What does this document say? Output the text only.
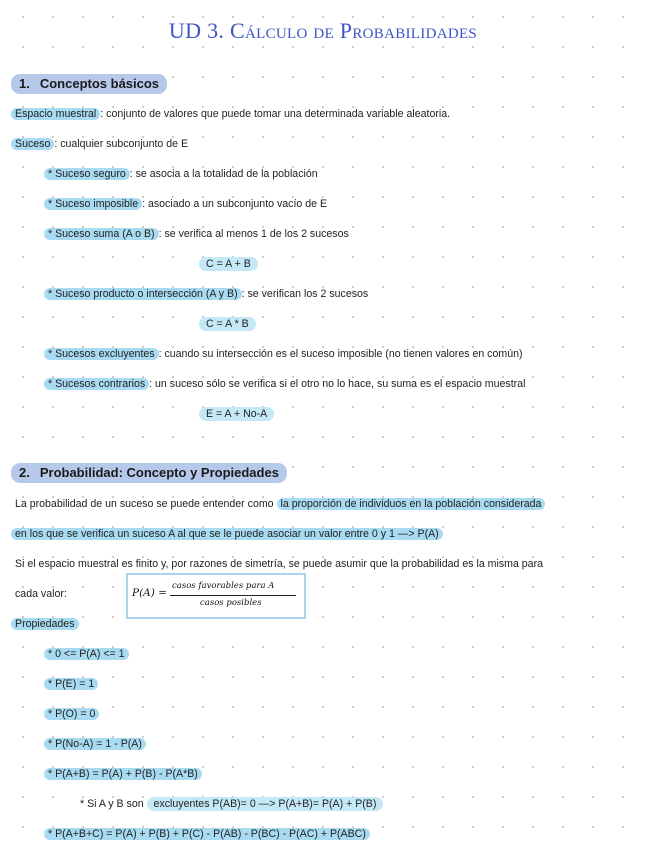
UD 3. Cálculo de Probabilidades
1. Conceptos básicos
Espacio muestral : conjunto de valores que puede tomar una determinada variable aleatoria.
Suceso : cualquier subconjunto de E
* Suceso seguro : se asocia a la totalidad de la población
* Suceso imposible : asociado a un subconjunto vacío de E
* Suceso suma (A o B) : se verifica al menos 1 de los 2 sucesos
C = A + B
* Suceso producto o intersección (A y B) : se verifican los 2 sucesos
C = A * B
* Sucesos excluyentes : cuando su intersección es el suceso imposible (no tienen valores en común)
* Sucesos contrarios : un suceso sólo se verifica si el otro no lo hace, su suma es el espacio muestral
E = A + No-A
2. Probabilidad: Concepto y Propiedades
La probabilidad de un suceso se puede entender como la proporción de individuos en la población considerada
en los que se verifica un suceso A al que se le puede asociar un valor entre 0 y 1 —> P(A)
Si el espacio muestral es finito y, por razones de simetría, se puede asumir que la probabilidad es la misma para
cada valor:	P(A) =
casos favorables para A
casos posibles
Propiedades
* 0 <= P(A) <= 1
* P(E) = 1
* P(O) = 0
* P(No-A) = 1 - P(A)
* P(A+B) = P(A) + P(B) - P(A*B)
* Si A y B son excluyentes P(AB)= 0 —> P(A+B)= P(A) + P(B)
* P(A+B+C) = P(A) + P(B) + P(C) - P(AB) - P(BC) - P(AC) + P(ABC)
